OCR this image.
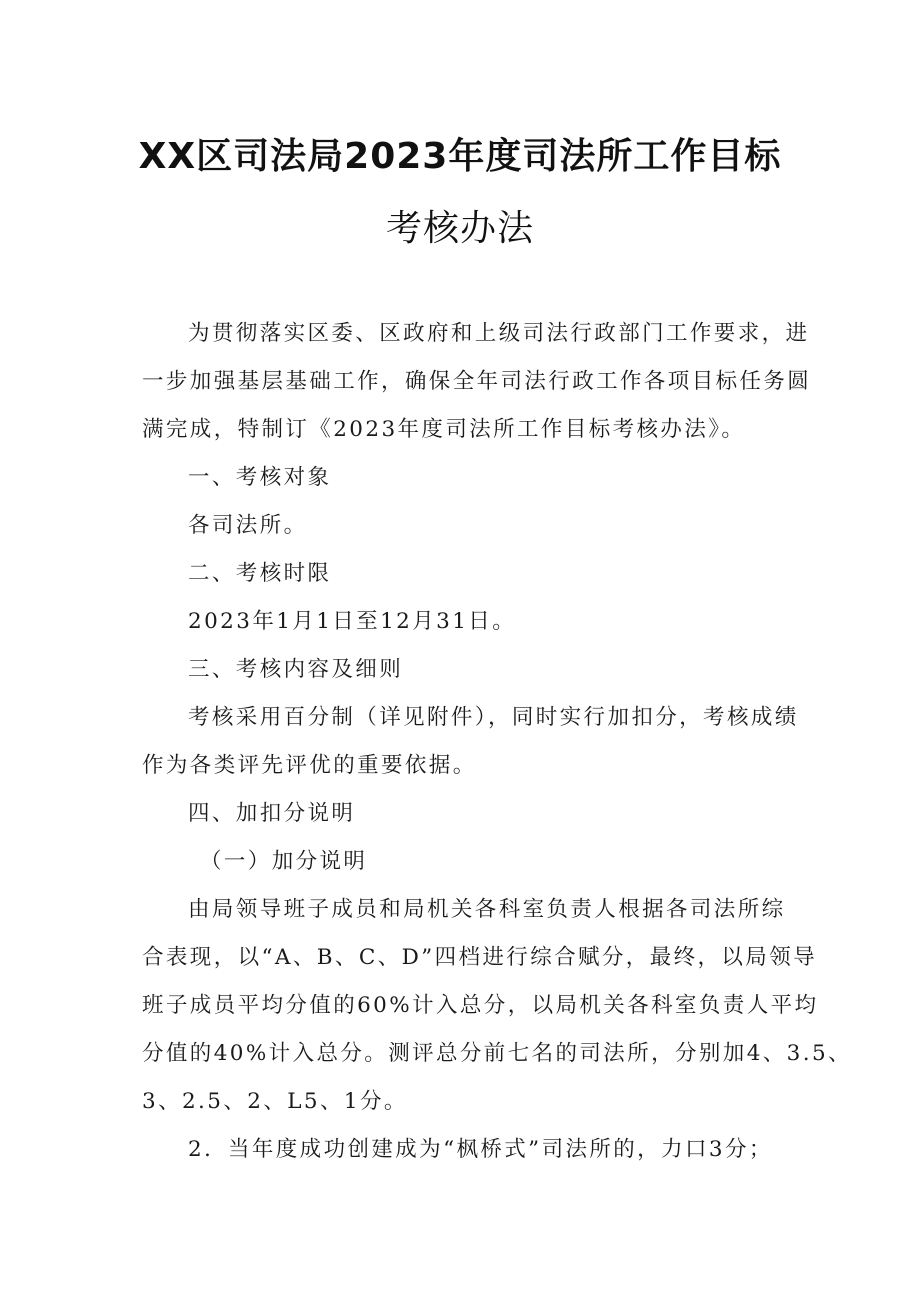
XX区司法局2023年度司法所工作目标
考核办法
为贯彻落实区委、区政府和上级司法行政部门工作要求，进
一步加强基层基础工作，确保全年司法行政工作各项目标任务圆
满完成，特制订《2023年度司法所工作目标考核办法》。
一、考核对象
各司法所。
二、考核时限
2023年1月1日至12月31日。
三、考核内容及细则
考核采用百分制（详见附件），同时实行加扣分，考核成绩
作为各类评先评优的重要依据。
四、加扣分说明
（一）加分说明
由局领导班子成员和局机关各科室负责人根据各司法所综
合表现，以“A、B、C、D”四档进行综合赋分，最终，以局领导
班子成员平均分值的60%计入总分，以局机关各科室负责人平均
分值的40%计入总分。测评总分前七名的司法所，分别加4、3.5、
3、2.5、2、L5、1分。
2．当年度成功创建成为“枫桥式”司法所的，力口3分；
